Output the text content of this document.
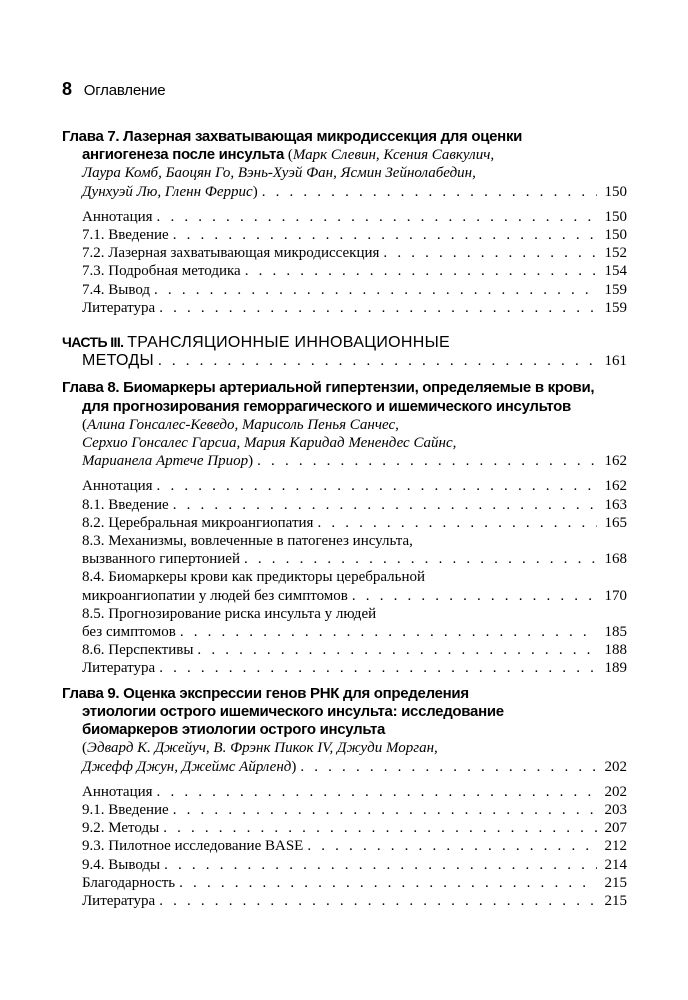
8 Оглавление
Глава 7. Лазерная захватывающая микродиссекция для оценки
ангиогенеза после инсульта (Марк Слевин, Ксения Савкулич,
Лаура Комб, Баоцян Го, Вэнь-Хуэй Фан, Ясмин Зейнолабедин,
Дунхуэй Лю, Гленн Феррис) . . .	150
Аннотация . . .	150
7.1. Введение . . .	150
7.2. Лазерная захватывающая микродиссекция . . .	152
7.3. Подробная методика . . .	154
7.4. Вывод . . .	159
Литература . . .	159
ЧАСТЬ III. ТРАНСЛЯЦИОННЫЕ ИННОВАЦИОННЫЕ
МЕТОДЫ . . .	161
Глава 8. Биомаркеры артериальной гипертензии, определяемые в крови,
для прогнозирования геморрагического и ишемического инсультов
(Алина Гонсалес-Кеведо, Марисоль Пенья Санчес,
Серхио Гонсалес Гарсиа, Мария Каридад Менендес Сайнс,
Марианела Артече Приор) . . .	162
Аннотация . . .	162
8.1. Введение . . .	163
8.2. Церебральная микроангиопатия . . .	165
8.3. Механизмы, вовлеченные в патогенез инсульта,
вызванного гипертонией . . .	168
8.4. Биомаркеры крови как предикторы церебральной
микроангиопатии у людей без симптомов . . .	170
8.5. Прогнозирование риска инсульта у людей
без симптомов . . .	185
8.6. Перспективы . . .	188
Литература . . .	189
Глава 9. Оценка экспрессии генов РНК для определения
этиологии острого ишемического инсульта: исследование
биомаркеров этиологии острого инсульта
(Эдвард К. Джейуч, В. Фрэнк Пикок IV, Джуди Морган,
Джефф Джун, Джеймс Айрленд) . . .	202
Аннотация . . .	202
9.1. Введение . . .	203
9.2. Методы . . .	207
9.3. Пилотное исследование BASE . . .	212
9.4. Выводы . . .	214
Благодарность . . .	215
Литература . . .	215
